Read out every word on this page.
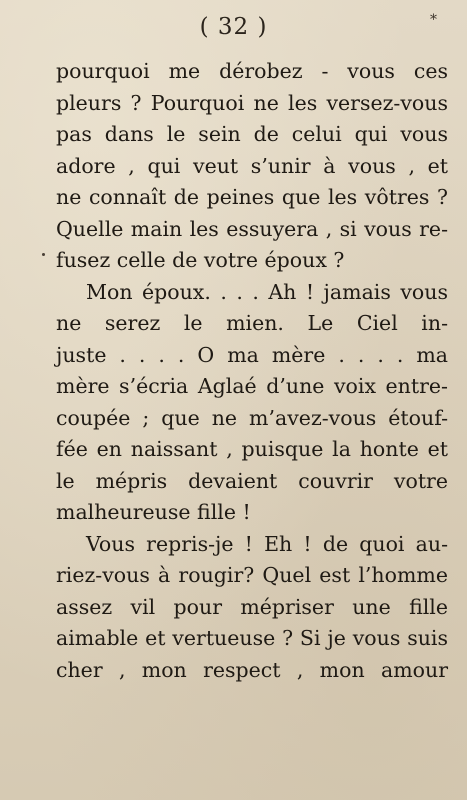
( 32 )	*
pourquoi me dérobez - vous ces
pleurs ? Pourquoi ne les versez-vous
pas dans le sein de celui qui vous
adore , qui veut s’unir à vous , et
ne connaît de peines que les vôtres ?
Quelle main les essuyera , si vous re-
fusez celle de votre époux ?
Mon époux. . . . Ah ! jamais vous
ne serez le mien. Le Ciel in-
juste . . . . O ma mère . . . . ma
mère s’écria Aglaé d’une voix entre-
coupée ; que ne m’avez-vous étouf-
fée en naissant , puisque la honte et
le mépris devaient couvrir votre
malheureuse fille !
Vous repris-je ! Eh ! de quoi au-
riez-vous à rougir? Quel est l’homme
assez vil pour mépriser une fille
aimable et vertueuse ? Si je vous suis
cher , mon respect , mon amour
